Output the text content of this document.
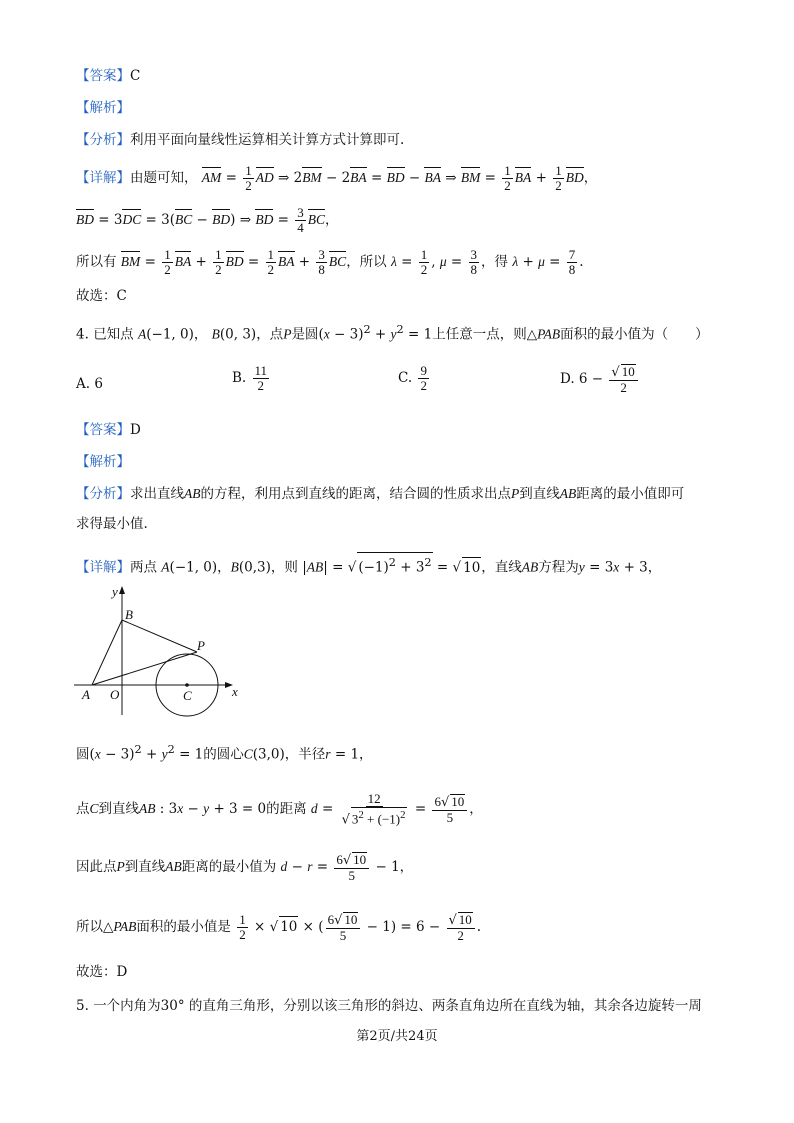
【答案】C
【解析】
【分析】利用平面向量线性运算相关计算方式计算即可.
【详解】由题可知， AM = $\frac{1}{2}$ AD ⇒ 2BM − 2BA = BD − BA ⇒ BM = $\frac{1}{2}$ BA + $\frac{1}{2}$ BD，
BD = 3DC = 3(BC − BD) ⇒ BD = $\frac{3}{4}$ BC，
所以有 BM = $\frac{1}{2}$ BA + $\frac{1}{2}$ BD = $\frac{1}{2}$ BA + $\frac{3}{8}$ BC，所以 $\lambda = \frac{1}{2}$ , $\mu = \frac{3}{8}$ ，得 $\lambda + \mu = \frac{7}{8}$ .
故选：C
4. 已知点 A(−1, 0)， B(0, 3)，点P是圆$(x - 3)^2 + y^2 = 1$上任意一点，则△PAB面积的最小值为（　　）
A. 6	B. $\frac{11}{2}$	C. $\frac{9}{2}$	D. $6 - \frac{√ 10}{2}$
【答案】D
【解析】
【分析】求出直线AB的方程，利用点到直线的距离，结合圆的性质求出点P到直线AB距离的最小值即可
求得最小值.
【详解】两点 A(−1, 0)，B(0,3)，则 |AB| = √ $(-1)^2 + 3^2$ = √ 10，直线AB方程为y = 3x + 3，
y
B
P
A O	C	x
圆$(x - 3)^2 + y^2 = 1$的圆心C(3,0)，半径r = 1，
点C到直线AB : 3x − y + 3 = 0的距离 $d = \frac{12}{√ 3^2 + (-1)^2} = \frac{6√ 10}{5}$ ，
因此点P到直线AB距离的最小值为 $d - r = \frac{6√ 10}{5} - 1$，
所以△PAB面积的最小值是 $\frac{1}{2}$ × √ 10 × ( $\frac{6√ 10}{5} - 1) = 6 - \frac{√ 10}{2}$ .
故选：D
5. 一个内角为30° 的直角三角形，分别以该三角形的斜边、两条直角边所在直线为轴，其余各边旋转一周
第2页/共24页
